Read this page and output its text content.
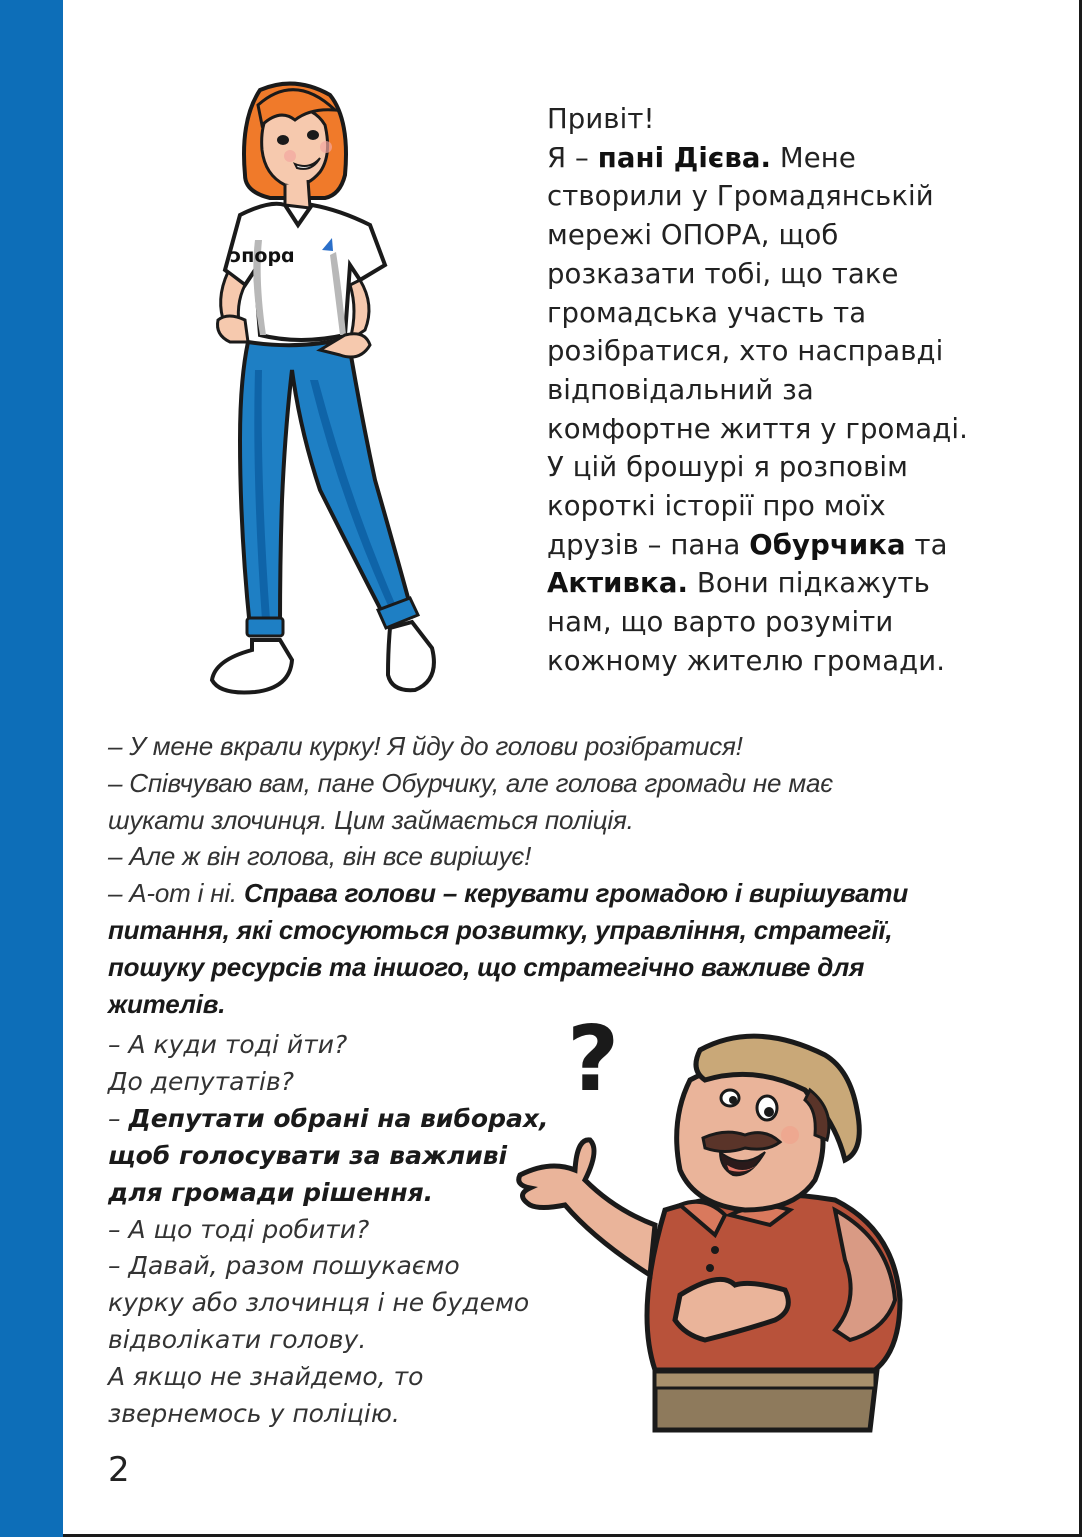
ɔпорɑ
Привіт!
Я – пані Дієва. Мене
створили у Громадянській
мережі ОПОРА, щоб
розказати тобі, що таке
громадська участь та
розібратися, хто насправді
відповідальний за
комфортне життя у громаді.
У цій брошурі я розповім
короткі історії про моїх
друзів – пана Обурчика та
Активка. Вони підкажуть
нам, що варто розуміти
кожному жителю громади.
– У мене вкрали курку! Я йду до голови розібратися!
– Співчуваю вам, пане Обурчику, але голова громади не має
шукати злочинця. Цим займається поліція.
– Але ж він голова, він все вирішує!
– А-от і ні. Справа голови – керувати громадою і вирішувати
питання, які стосуються розвитку, управління, стратегії,
пошуку ресурсів та іншого, що стратегічно важливе для
жителів.
– А куди тоді йти?
До депутатів?
– Депутати обрані на виборах,
щоб голосувати за важливі
для громади рішення.
– А що тоді робити?
– Давай, разом пошукаємо
курку або злочинця і не будемо
відволікати голову.
А якщо не знайдемо, то
звернемось у поліцію.
?
2
